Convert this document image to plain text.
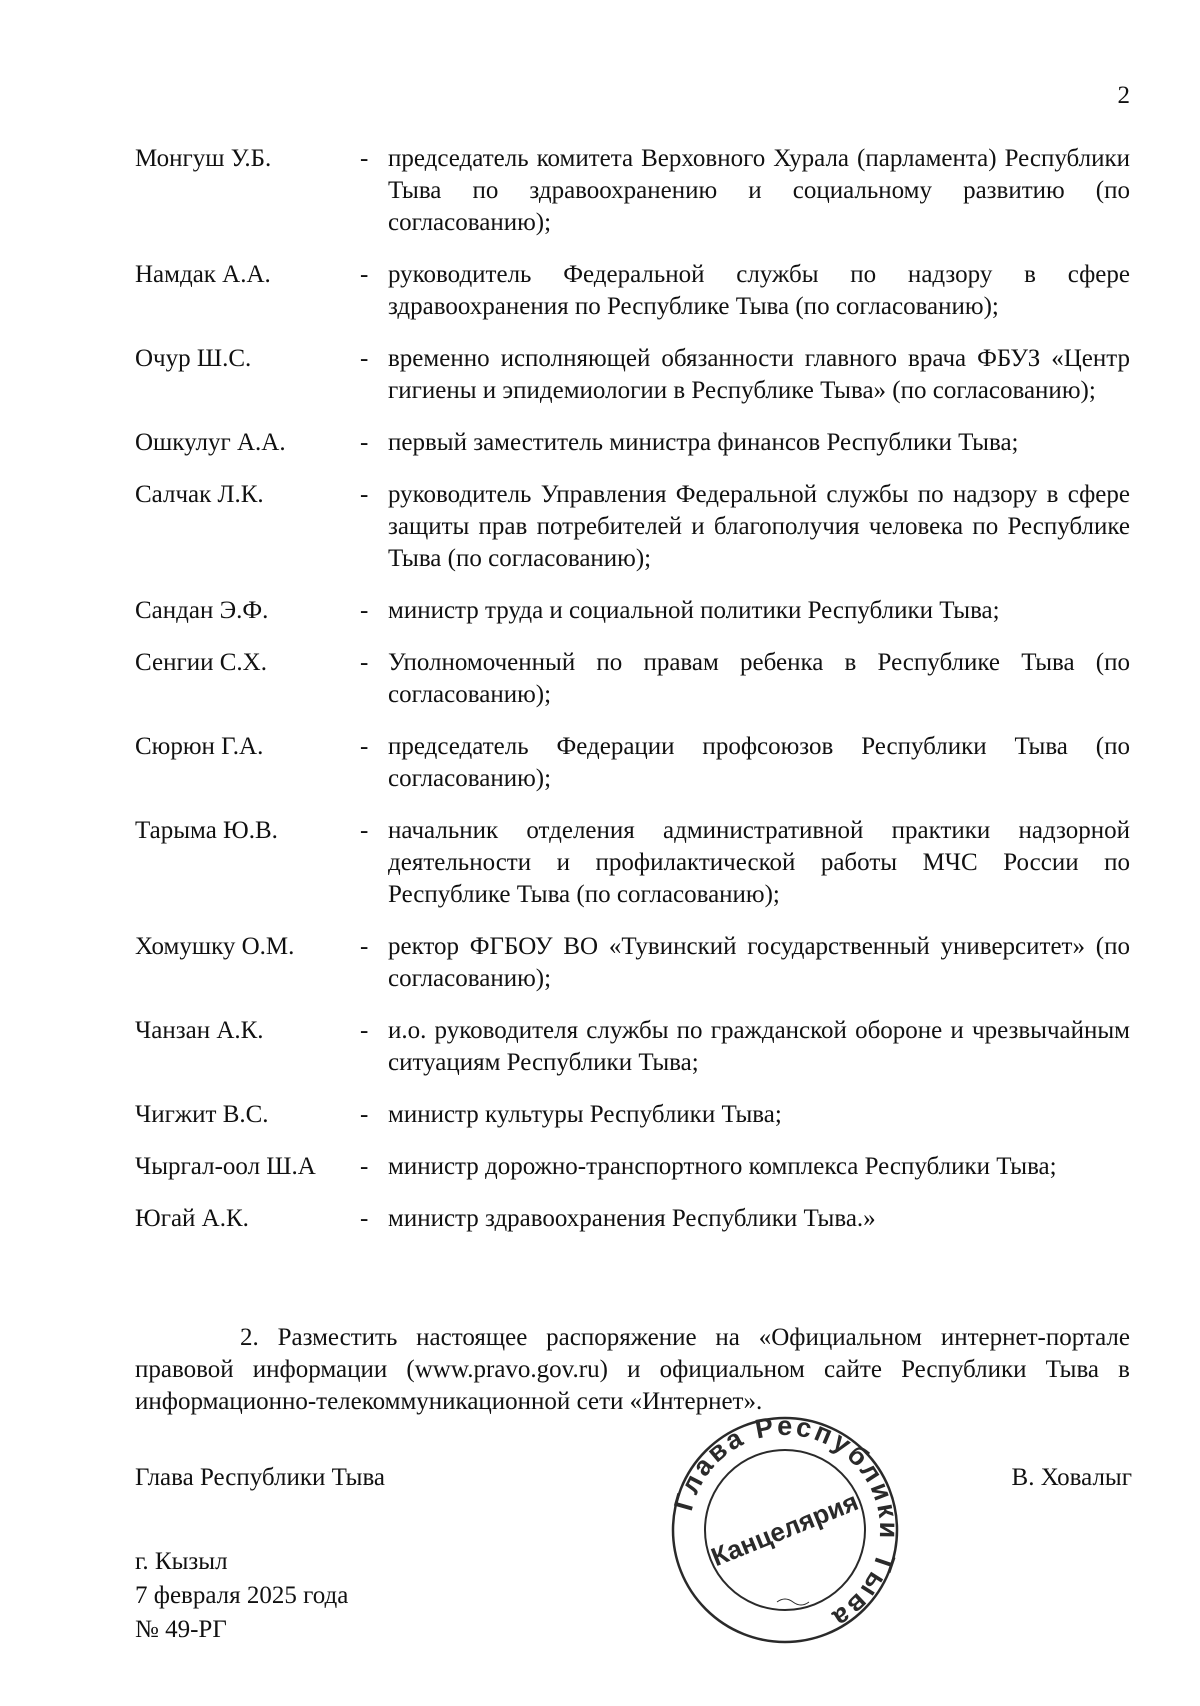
2
Монгуш У.Б.	- председатель комитета Верховного Хурала (парламента) Республики Тыва по здравоохранению и социальному развитию (по согласованию);
Намдак А.А.	- руководитель Федеральной службы по надзору в сфере здравоохранения по Республике Тыва (по согласованию);
Очур Ш.С.	- временно исполняющей обязанности главного врача ФБУЗ «Центр гигиены и эпидемиологии в Республике Тыва» (по согласованию);
Ошкулуг А.А.	- первый заместитель министра финансов Республики Тыва;
Салчак Л.К.	- руководитель Управления Федеральной службы по надзору в сфере защиты прав потребителей и благополучия человека по Республике Тыва (по согласованию);
Сандан Э.Ф.	- министр труда и социальной политики Республики Тыва;
Сенгии С.Х.	- Уполномоченный по правам ребенка в Республике Тыва (по согласованию);
Сюрюн Г.А.	- председатель Федерации профсоюзов Республики Тыва (по согласованию);
Тарыма Ю.В.	- начальник отделения административной практики надзорной деятельности и профилактической работы МЧС России по Республике Тыва (по согласованию);
Хомушку О.М.	- ректор ФГБОУ ВО «Тувинский государственный университет» (по согласованию);
Чанзан А.К.	- и.о. руководителя службы по гражданской обороне и чрезвычайным ситуациям Республики Тыва;
Чигжит В.С.	- министр культуры Республики Тыва;
Чыргал-оол Ш.А	- министр дорожно-транспортного комплекса Республики Тыва;
Югай А.К.	- министр здравоохранения Республики Тыва.»

2. Разместить настоящее распоряжение на «Официальном интернет-портале правовой информации (www.pravo.gov.ru) и официальном сайте Республики Тыва в информационно-телекоммуникационной сети «Интернет».

Глава Республики Тыва	В. Ховалыг
г. Кызыл
7 февраля 2025 года
№ 49-РГ
Глава Республики Тыва
Канцелярия
